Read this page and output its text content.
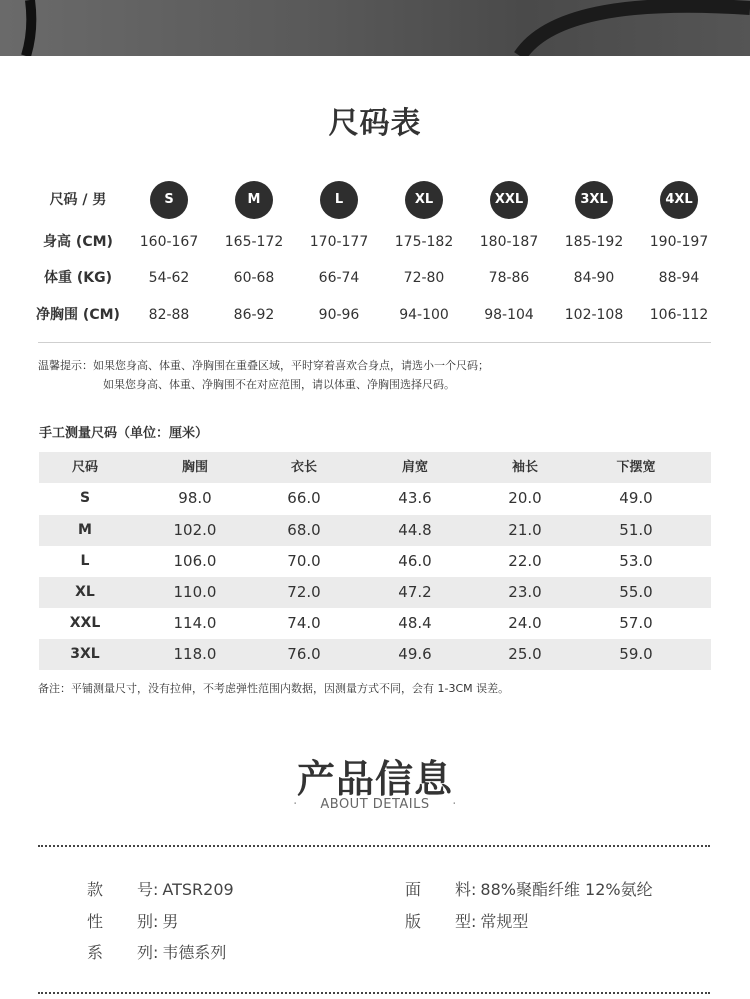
尺码表
尺码 / 男	S	M	L	XL	XXL	3XL	4XL
身高 (CM)	160-167	165-172	170-177	175-182	180-187	185-192	190-197
体重 (KG)	54-62	60-68	66-74	72-80	78-86	84-90	88-94
净胸围 (CM)	82-88	86-92	90-96	94-100	98-104	102-108	106-112
温馨提示：如果您身高、体重、净胸围在重叠区域，平时穿着喜欢合身点，请选小一个尺码；
如果您身高、体重、净胸围不在对应范围，请以体重、净胸围选择尺码。
手工测量尺码（单位：厘米）
尺码	胸围	衣长	肩宽	袖长	下摆宽
S	98.0	66.0	43.6	20.0	49.0
M	102.0	68.0	44.8	21.0	51.0
L	106.0	70.0	46.0	22.0	53.0
XL	110.0	72.0	47.2	23.0	55.0
XXL	114.0	74.0	48.4	24.0	57.0
3XL	118.0	76.0	49.6	25.0	59.0
备注：平铺测量尺寸，没有拉伸，不考虑弹性范围内数据，因测量方式不同，会有 1-3CM 误差。
产品信息
· ABOUT DETAILS ·
款号: ATSR209	面料: 88%聚酯纤维 12%氨纶
性别: 男	版型: 常规型
系列: 韦德系列
